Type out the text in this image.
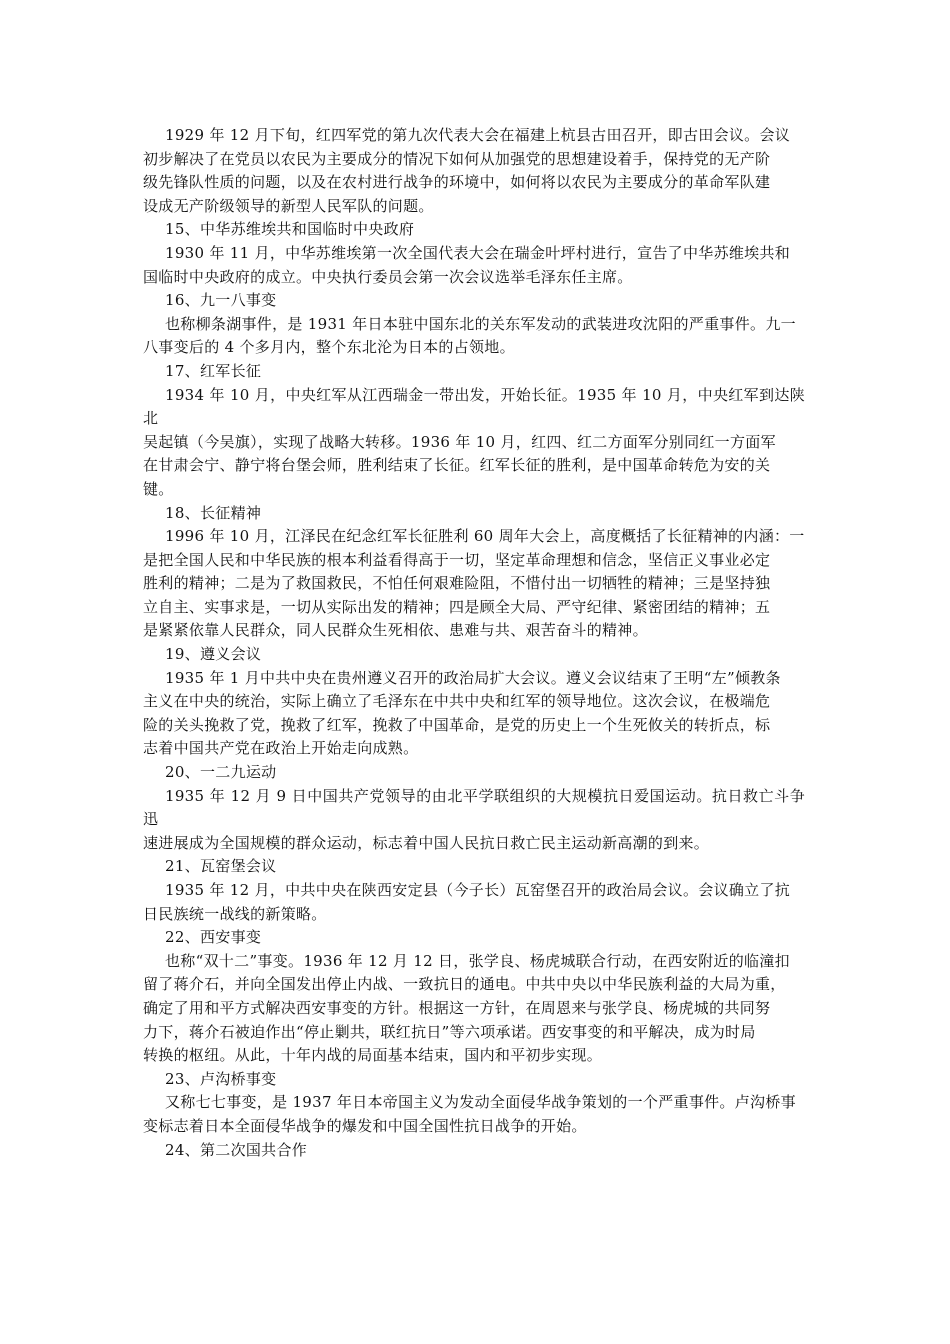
1929 年 12 月下旬，红四军党的第九次代表大会在福建上杭县古田召开，即古田会议。会议
初步解决了在党员以农民为主要成分的情况下如何从加强党的思想建设着手，保持党的无产阶
级先锋队性质的问题，以及在农村进行战争的环境中，如何将以农民为主要成分的革命军队建
设成无产阶级领导的新型人民军队的问题。

15、中华苏维埃共和国临时中央政府

1930 年 11 月，中华苏维埃第一次全国代表大会在瑞金叶坪村进行，宣告了中华苏维埃共和
国临时中央政府的成立。中央执行委员会第一次会议选举毛泽东任主席。

16、九一八事变

也称柳条湖事件，是 1931 年日本驻中国东北的关东军发动的武装进攻沈阳的严重事件。九一
八事变后的 4 个多月内，整个东北沦为日本的占领地。

17、红军长征

1934 年 10 月，中央红军从江西瑞金一带出发，开始长征。1935 年 10 月，中央红军到达陕北
吴起镇（今吴旗），实现了战略大转移。1936 年 10 月，红四、红二方面军分别同红一方面军
在甘肃会宁、静宁将台堡会师，胜利结束了长征。红军长征的胜利，是中国革命转危为安的关
键。

18、长征精神

1996 年 10 月，江泽民在纪念红军长征胜利 60 周年大会上，高度概括了长征精神的内涵：一
是把全国人民和中华民族的根本利益看得高于一切，坚定革命理想和信念，坚信正义事业必定
胜利的精神；二是为了救国救民，不怕任何艰难险阻，不惜付出一切牺牲的精神；三是坚持独
立自主、实事求是，一切从实际出发的精神；四是顾全大局、严守纪律、紧密团结的精神；五
是紧紧依靠人民群众，同人民群众生死相依、患难与共、艰苦奋斗的精神。

19、遵义会议

1935 年 1 月中共中央在贵州遵义召开的政治局扩大会议。遵义会议结束了王明“左”倾教条
主义在中央的统治，实际上确立了毛泽东在中共中央和红军的领导地位。这次会议，在极端危
险的关头挽救了党，挽救了红军，挽救了中国革命，是党的历史上一个生死攸关的转折点，标
志着中国共产党在政治上开始走向成熟。

20、一二九运动

1935 年 12 月 9 日中国共产党领导的由北平学联组织的大规模抗日爱国运动。抗日救亡斗争迅
速进展成为全国规模的群众运动，标志着中国人民抗日救亡民主运动新高潮的到来。

21、瓦窑堡会议

1935 年 12 月，中共中央在陕西安定县（今子长）瓦窑堡召开的政治局会议。会议确立了抗
日民族统一战线的新策略。

22、西安事变

也称“双十二”事变。1936 年 12 月 12 日，张学良、杨虎城联合行动，在西安附近的临潼扣
留了蒋介石，并向全国发出停止内战、一致抗日的通电。中共中央以中华民族利益的大局为重，
确定了用和平方式解决西安事变的方针。根据这一方针，在周恩来与张学良、杨虎城的共同努
力下，蒋介石被迫作出“停止剿共，联红抗日”等六项承诺。西安事变的和平解决，成为时局
转换的枢纽。从此，十年内战的局面基本结束，国内和平初步实现。

23、卢沟桥事变

又称七七事变，是 1937 年日本帝国主义为发动全面侵华战争策划的一个严重事件。卢沟桥事
变标志着日本全面侵华战争的爆发和中国全国性抗日战争的开始。

24、第二次国共合作
